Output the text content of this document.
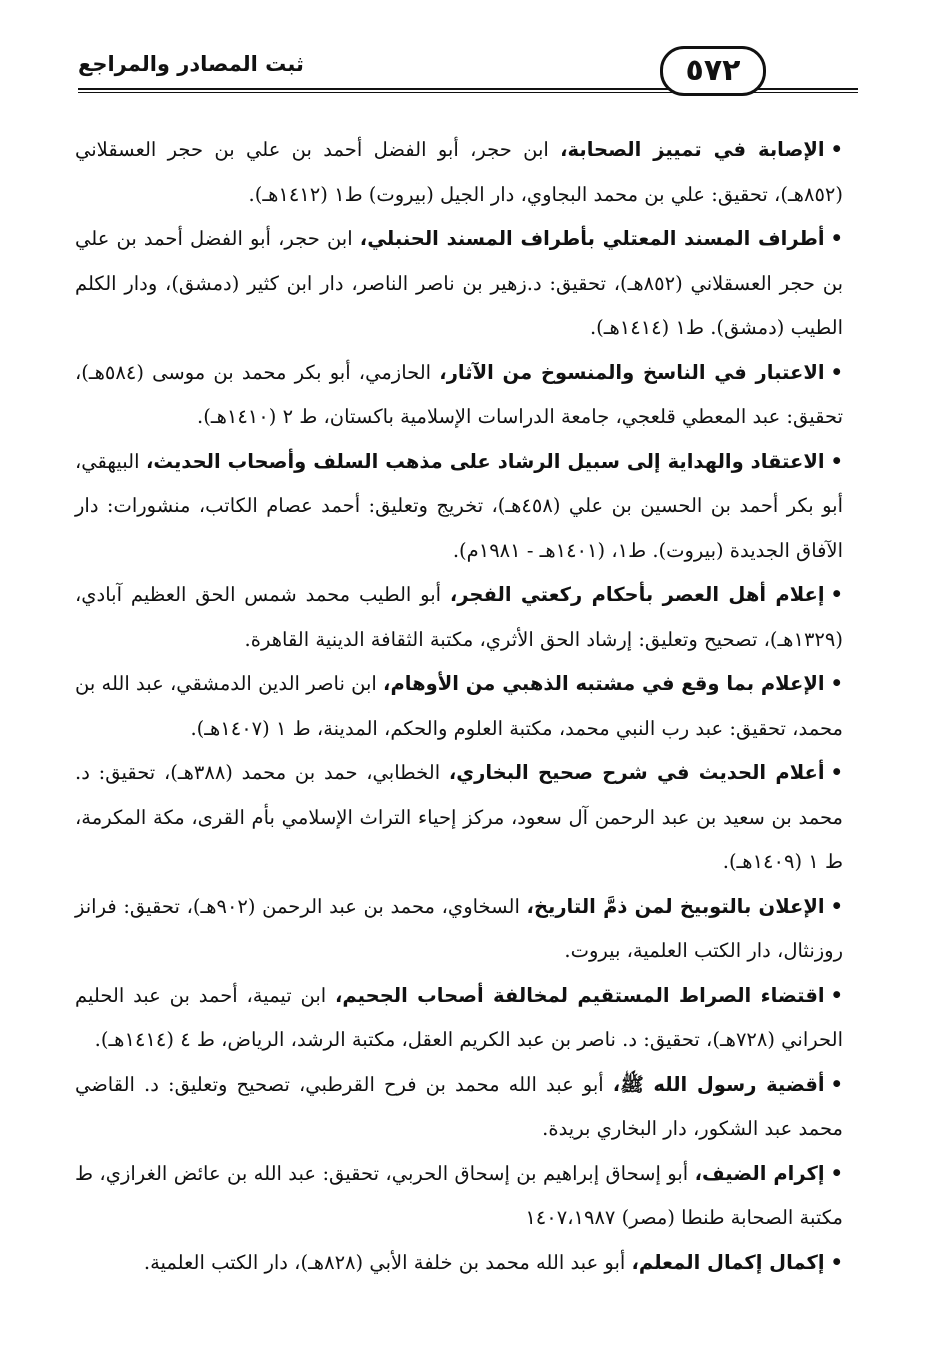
ثبت المصادر والمراجع	٥٧٢

•الإصابة في تمييز الصحابة، ابن حجر، أبو الفضل أحمد بن علي بن حجر العسقلاني (٨٥٢هـ)، تحقيق: علي بن محمد البجاوي، دار الجيل (بيروت) ط١ (١٤١٢هـ).

•أطراف المسند المعتلي بأطراف المسند الحنبلي، ابن حجر، أبو الفضل أحمد بن علي بن حجر العسقلاني (٨٥٢هـ)، تحقيق: د.زهير بن ناصر الناصر، دار ابن كثير (دمشق)، ودار الكلم الطيب (دمشق). ط١ (١٤١٤هـ).

•الاعتبار في الناسخ والمنسوخ من الآثار، الحازمي، أبو بكر محمد بن موسى (٥٨٤هـ)، تحقيق: عبد المعطي قلعجي، جامعة الدراسات الإسلامية باكستان، ط ٢ (١٤١٠هـ).

•الاعتقاد والهداية إلى سبيل الرشاد على مذهب السلف وأصحاب الحديث، البيهقي، أبو بكر أحمد بن الحسين بن علي (٤٥٨هـ)، تخريج وتعليق: أحمد عصام الكاتب، منشورات: دار الآفاق الجديدة (بيروت). ط١، (١٤٠١هـ - ١٩٨١م).

•إعلام أهل العصر بأحكام ركعتي الفجر، أبو الطيب محمد شمس الحق العظيم آبادي، (١٣٢٩هـ)، تصحيح وتعليق: إرشاد الحق الأثري، مكتبة الثقافة الدينية القاهرة.

•الإعلام بما وقع في مشتبه الذهبي من الأوهام، ابن ناصر الدين الدمشقي، عبد الله بن محمد، تحقيق: عبد رب النبي محمد، مكتبة العلوم والحكم، المدينة، ط ١ (١٤٠٧هـ).

•أعلام الحديث في شرح صحيح البخاري، الخطابي، حمد بن محمد (٣٨٨هـ)، تحقيق: د. محمد بن سعيد بن عبد الرحمن آل سعود، مركز إحياء التراث الإسلامي بأم القرى، مكة المكرمة، ط ١ (١٤٠٩هـ).

•الإعلان بالتوبيخ لمن ذمَّ التاريخ، السخاوي، محمد بن عبد الرحمن (٩٠٢هـ)، تحقيق: فرانز روزنثال، دار الكتب العلمية، بيروت.

•اقتضاء الصراط المستقيم لمخالفة أصحاب الجحيم، ابن تيمية، أحمد بن عبد الحليم الحراني (٧٢٨هـ)، تحقيق: د. ناصر بن عبد الكريم العقل، مكتبة الرشد، الرياض، ط ٤ (١٤١٤هـ).

•أقضية رسول الله ﷺ، أبو عبد الله محمد بن فرح القرطبي، تصحيح وتعليق: د. القاضي محمد عبد الشكور، دار البخاري بريدة.

•إكرام الضيف، أبو إسحاق إبراهيم بن إسحاق الحربي، تحقيق: عبد الله بن عائض الغرازي، ط مكتبة الصحابة طنطا (مصر) ١٤٠٧،١٩٨٧

•إكمال إكمال المعلم، أبو عبد الله محمد بن خلفة الأبي (٨٢٨هـ)، دار الكتب العلمية.
